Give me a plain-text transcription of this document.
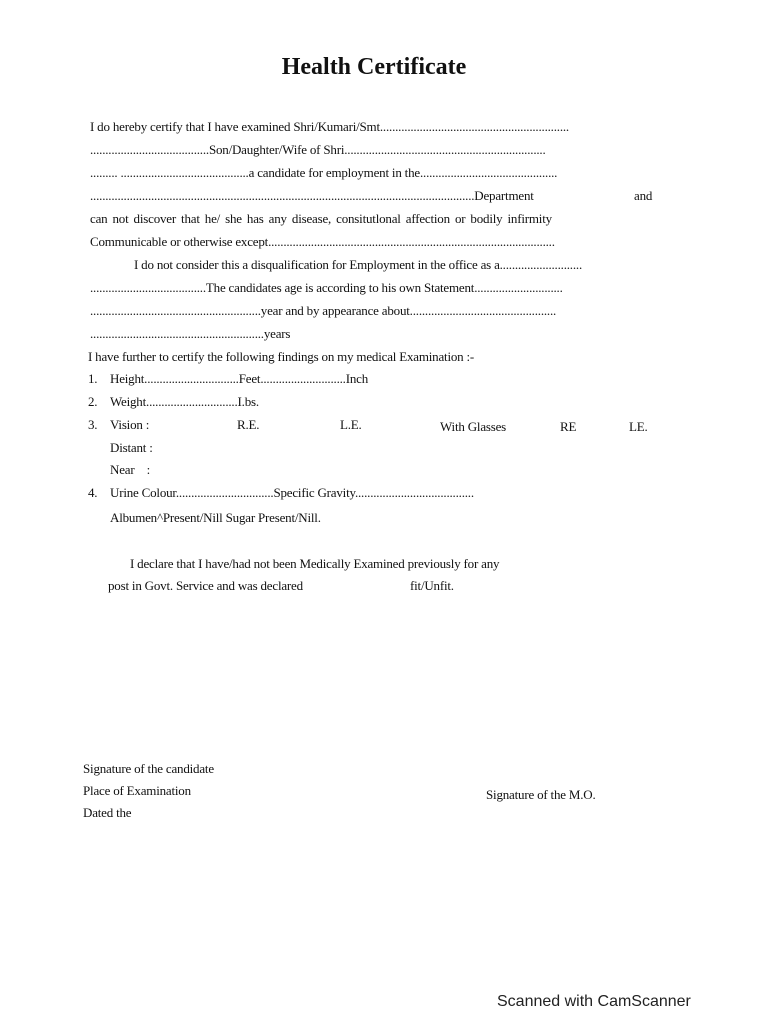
Health Certificate
I do hereby certify that I have examined Shri/Kumari/Smt..............................................................
.......................................Son/Daughter/Wife of Shri..................................................................
......... ..........................................a candidate for employment in the.............................................
..............................................................................................................................Department	and
can not discover that he/ she has any disease, consitutlonal affection or bodily infirmity
Communicable or otherwise except..............................................................................................
I do not consider this a disqualification for Employment in the office as a...........................
......................................The candidates age is according to his own Statement.............................
........................................................year and by appearance about................................................
.........................................................years
I have further to certify the following findings on my medical Examination :-
1. Height...............................Feet............................Inch
2. Weight..............................I.bs.
3. Vision :	R.E.	L.E.	With Glasses	RE	LE.
Distant :
Near    :
4. Urine Colour................................Specific Gravity.......................................
Albumen^Present/Nill Sugar Present/Nill.
I declare that I have/had not been Medically Examined previously for any
post in Govt. Service and was declared	fit/Unfit.
Signature of the candidate
Place of Examination
Dated the
Signature of the M.O.
Scanned with CamScanner
